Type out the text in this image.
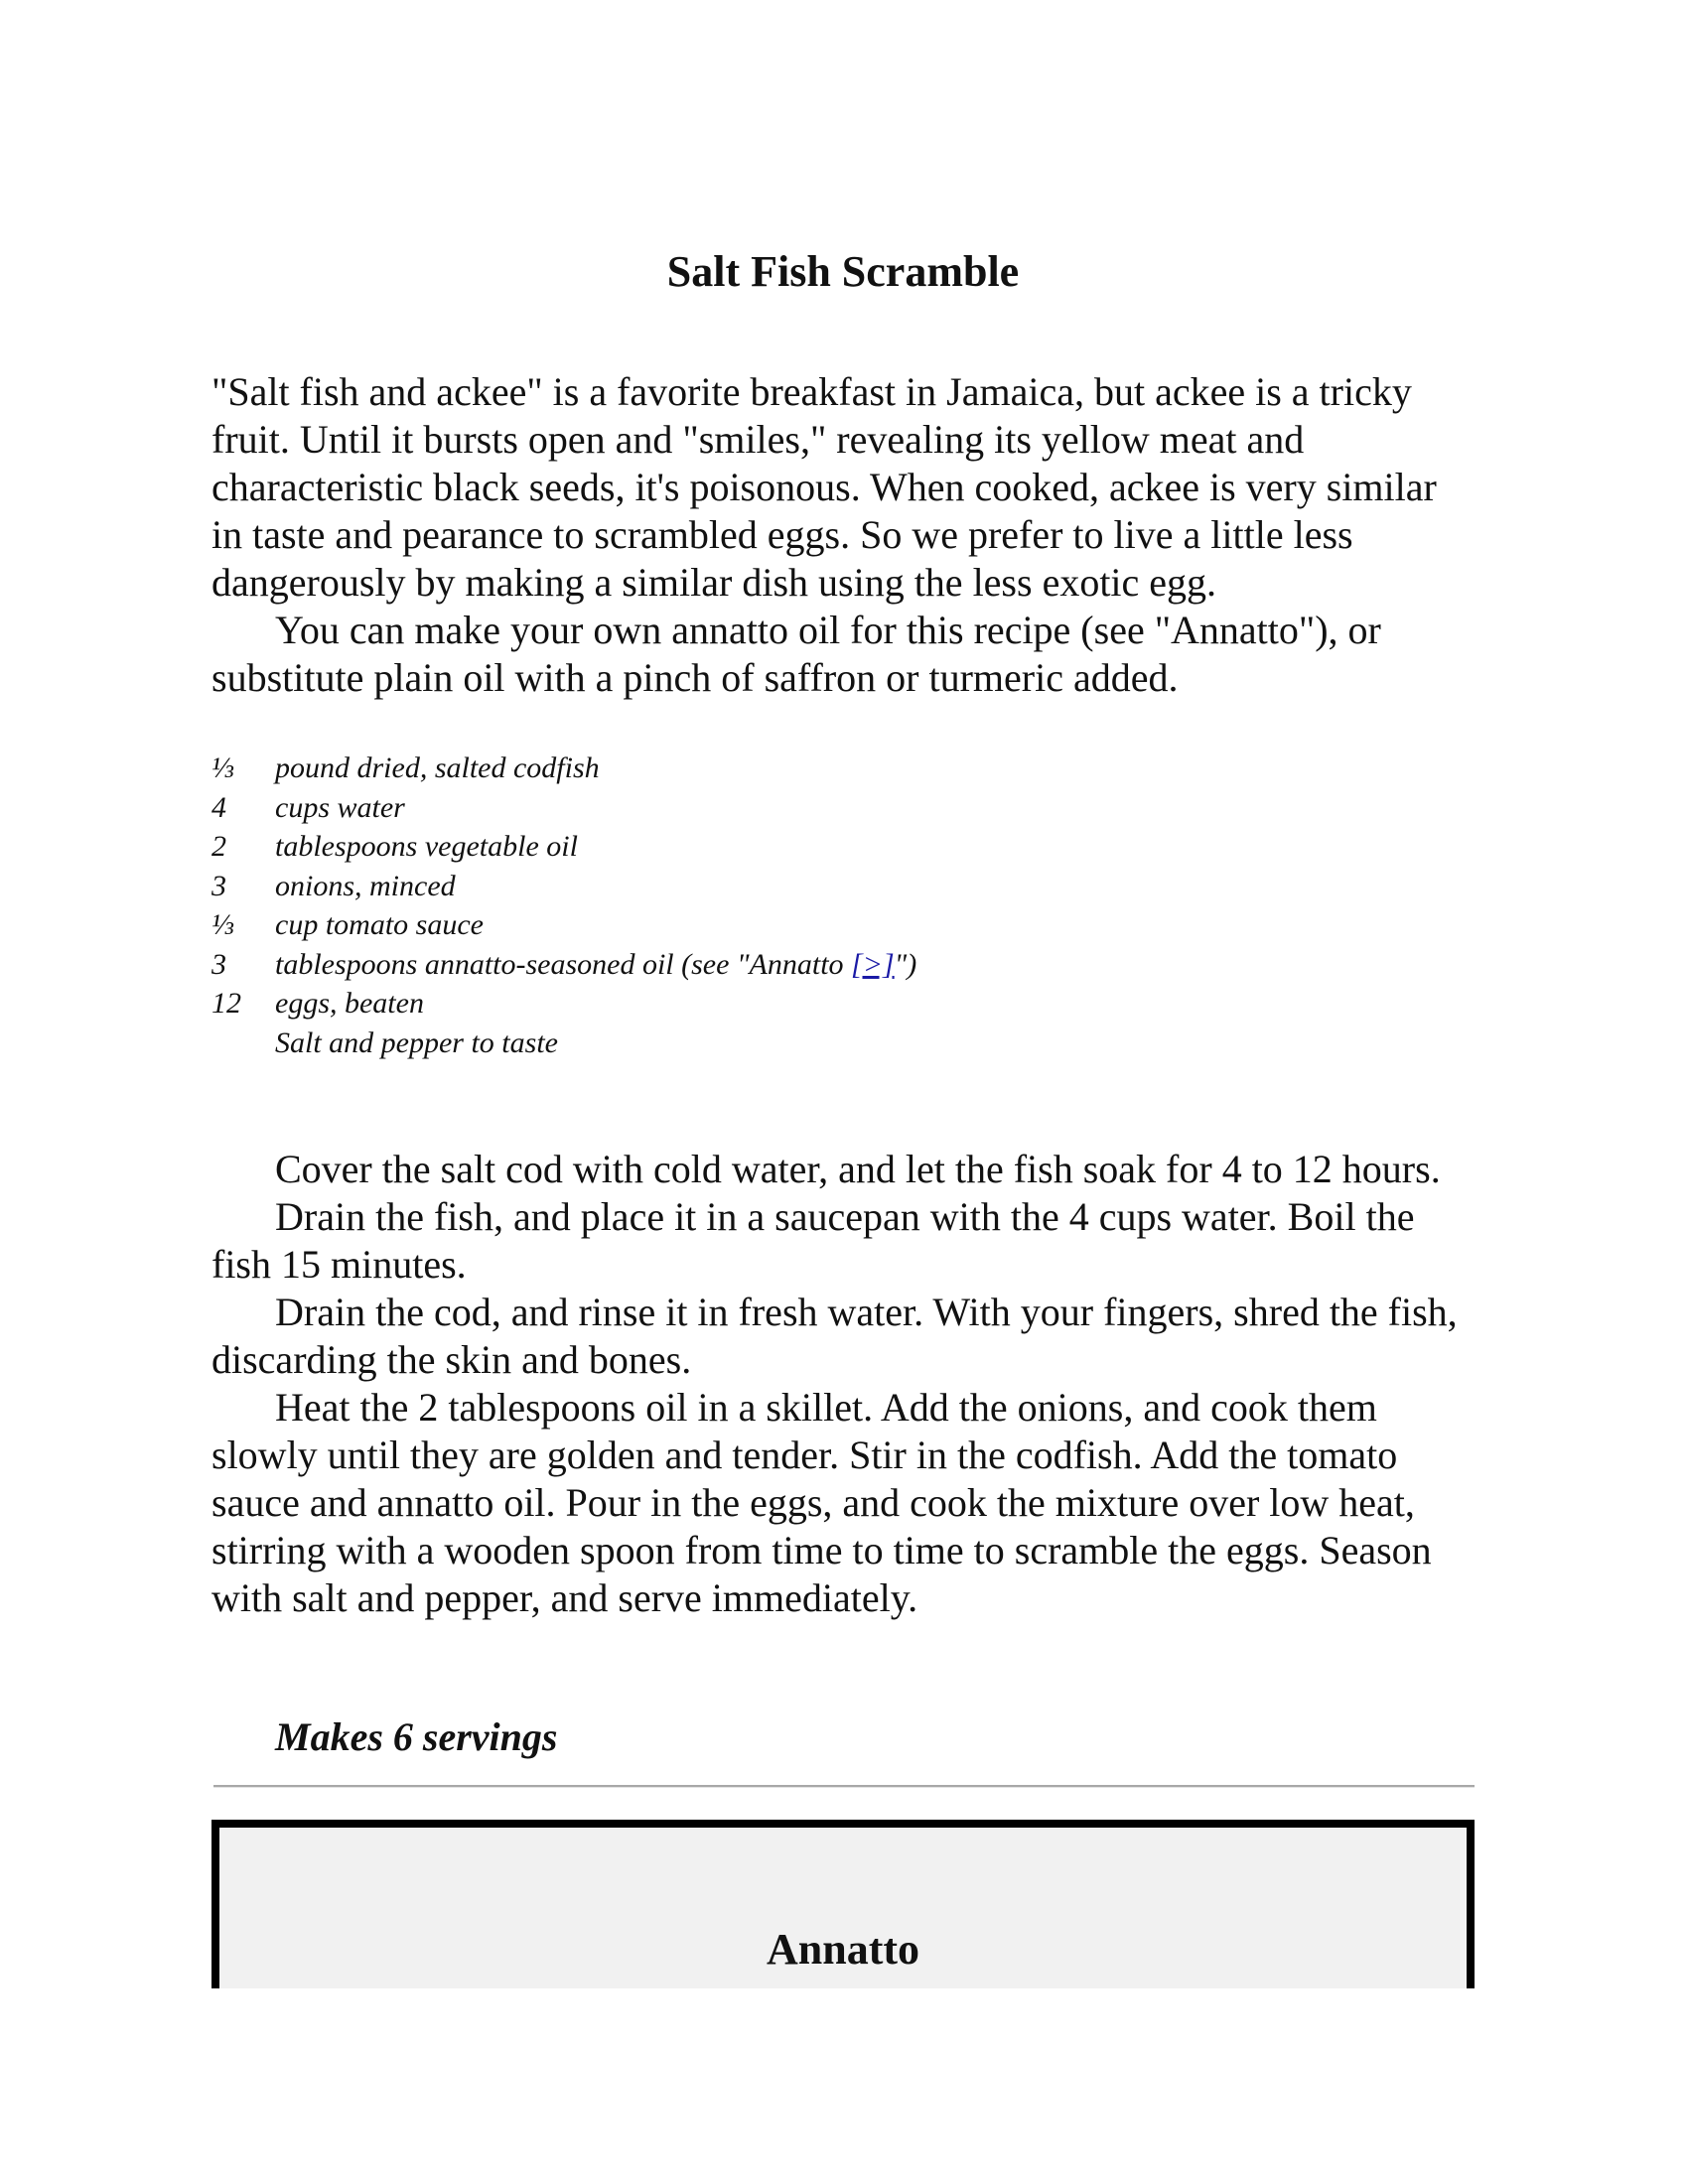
Salt Fish Scramble

"Salt fish and ackee" is a favorite breakfast in Jamaica, but ackee is a tricky fruit. Until it bursts open and "smiles," revealing its yellow meat and characteristic black seeds, it's poisonous. When cooked, ackee is very similar in taste and pearance to scrambled eggs. So we prefer to live a little less dangerously by making a similar dish using the less exotic egg.

You can make your own annatto oil for this recipe (see "Annatto"), or substitute plain oil with a pinch of saffron or turmeric added.

⅓	pound dried, salted codfish
4	cups water
2	tablespoons vegetable oil
3	onions, minced
⅓	cup tomato sauce
3	tablespoons annatto-seasoned oil (see "Annatto [>]")
12	eggs, beaten
Salt and pepper to taste

Cover the salt cod with cold water, and let the fish soak for 4 to 12 hours.

Drain the fish, and place it in a saucepan with the 4 cups water. Boil the fish 15 minutes.

Drain the cod, and rinse it in fresh water. With your fingers, shred the fish, discarding the skin and bones.

Heat the 2 tablespoons oil in a skillet. Add the onions, and cook them slowly until they are golden and tender. Stir in the codfish. Add the tomato sauce and annatto oil. Pour in the eggs, and cook the mixture over low heat, stirring with a wooden spoon from time to time to scramble the eggs. Season with salt and pepper, and serve immediately.

Makes 6 servings
Annatto
